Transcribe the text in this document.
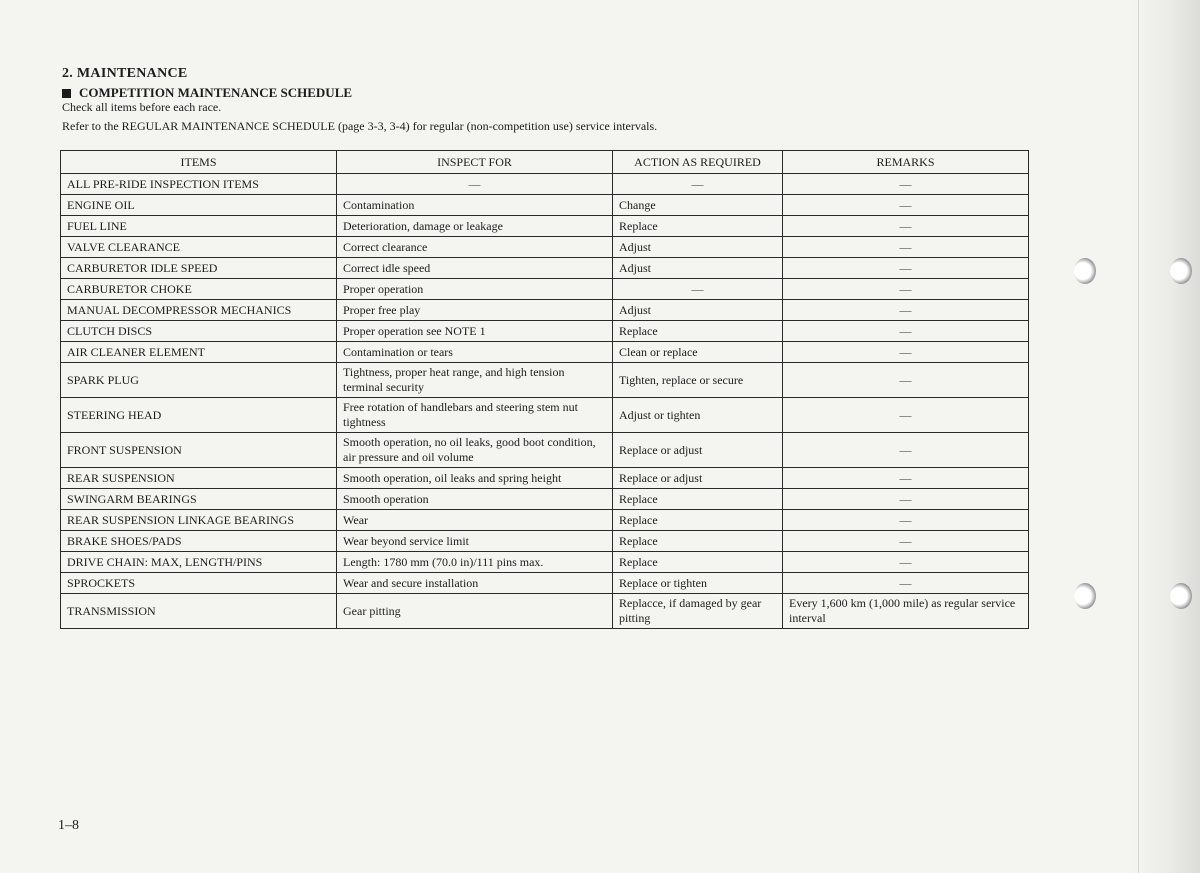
2. MAINTENANCE
COMPETITION MAINTENANCE SCHEDULE
Check all items before each race.
Refer to the REGULAR MAINTENANCE SCHEDULE (page 3-3, 3-4) for regular (non-competition use) service intervals.
ITEMS	INSPECT FOR	ACTION AS REQUIRED	REMARKS
ALL PRE-RIDE INSPECTION ITEMS	—	—	—
ENGINE OIL	Contamination	Change	—
FUEL LINE	Deterioration, damage or leakage	Replace	—
VALVE CLEARANCE	Correct clearance	Adjust	—
CARBURETOR IDLE SPEED	Correct idle speed	Adjust	—
CARBURETOR CHOKE	Proper operation	—	—
MANUAL DECOMPRESSOR MECHANICS	Proper free play	Adjust	—
CLUTCH DISCS	Proper operation see NOTE 1	Replace	—
AIR CLEANER ELEMENT	Contamination or tears	Clean or replace	—
SPARK PLUG	Tightness, proper heat range, and high tension terminal security	Tighten, replace or secure	—
STEERING HEAD	Free rotation of handlebars and steering stem nut tightness	Adjust or tighten	—
FRONT SUSPENSION	Smooth operation, no oil leaks, good boot condition, air pressure and oil volume	Replace or adjust	—
REAR SUSPENSION	Smooth operation, oil leaks and spring height	Replace or adjust	—
SWINGARM BEARINGS	Smooth operation	Replace	—
REAR SUSPENSION LINKAGE BEARINGS	Wear	Replace	—
BRAKE SHOES/PADS	Wear beyond service limit	Replace	—
DRIVE CHAIN: MAX, LENGTH/PINS	Length: 1780 mm (70.0 in)/111 pins max.	Replace	—
SPROCKETS	Wear and secure installation	Replace or tighten	—
TRANSMISSION	Gear pitting	Replacce, if damaged by gear pitting	Every 1,600 km (1,000 mile) as regular service interval
1–8
